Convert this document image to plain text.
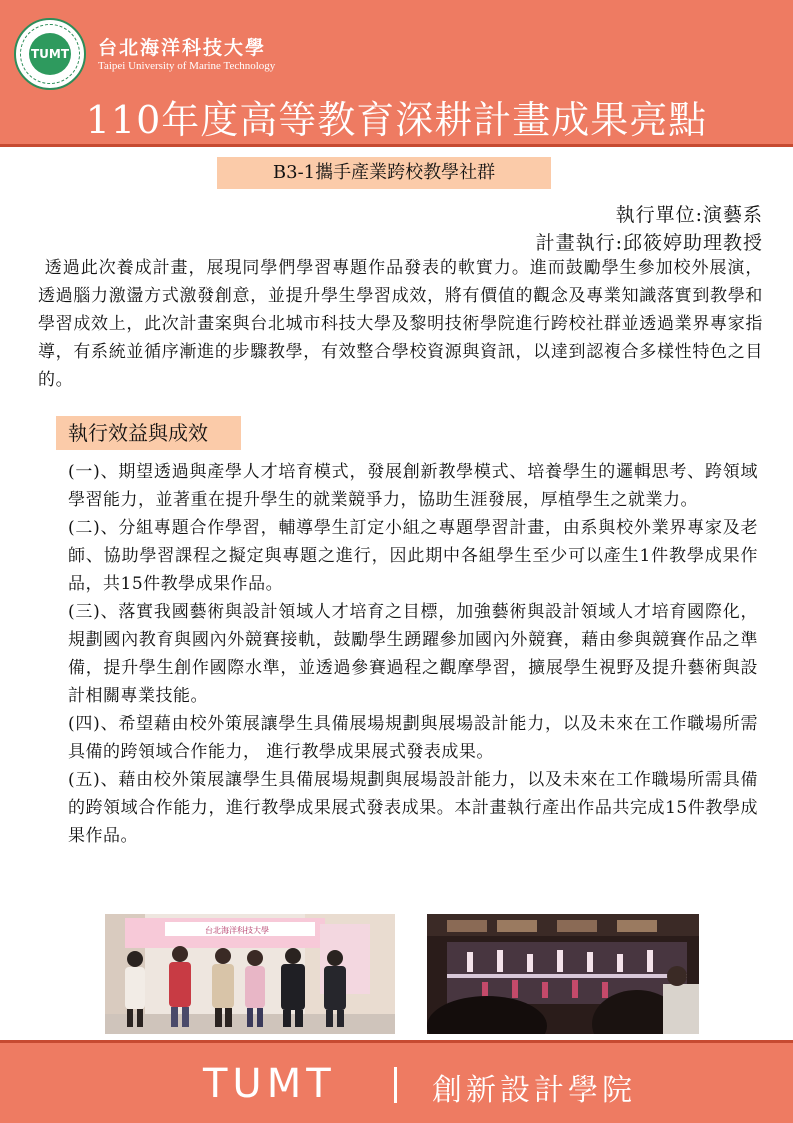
TUMT 台北海洋科技大學
Taipei University of Marine Technology
110年度高等教育深耕計畫成果亮點
B3-1攜手產業跨校教學社群
執行單位:演藝系
計畫執行:邱筱婷助理教授
透過此次養成計畫，展現同學們學習專題作品發表的軟實力。進而鼓勵學生參加校外展演，透過腦力激盪方式激發創意，並提升學生學習成效，將有價值的觀念及專業知識落實到教學和學習成效上，此次計畫案與台北城市科技大學及黎明技術學院進行跨校社群並透過業界專家指導，有系統並循序漸進的步驟教學，有效整合學校資源與資訊，以達到認複合多樣性特色之目的。
執行效益與成效

(一)、期望透過與產學人才培育模式，發展創新教學模式、培養學生的邏輯思考、跨領域學習能力，並著重在提升學生的就業競爭力，協助生涯發展，厚植學生之就業力。

(二)、分組專題合作學習，輔導學生訂定小組之專題學習計畫，由系與校外業界專家及老師、協助學習課程之擬定與專題之進行，因此期中各組學生至少可以產生1件教學成果作品，共15件教學成果作品。

(三)、落實我國藝術與設計領域人才培育之目標，加強藝術與設計領域人才培育國際化，規劃國內教育與國內外競賽接軌，鼓勵學生踴躍參加國內外競賽，藉由參與競賽作品之準備，提升學生創作國際水準，並透過參賽過程之觀摩學習，擴展學生視野及提升藝術與設計相關專業技能。

(四)、希望藉由校外策展讓學生具備展場規劃與展場設計能力，以及未來在工作職場所需具備的跨領域合作能力， 進行教學成果展式發表成果。

(五)、藉由校外策展讓學生具備展場規劃與展場設計能力，以及未來在工作職場所需具備的跨領域合作能力，進行教學成果展式發表成果。本計畫執行產出作品共完成15件教學成果作品。

台北海洋科技大學
TUMT	創新設計學院
